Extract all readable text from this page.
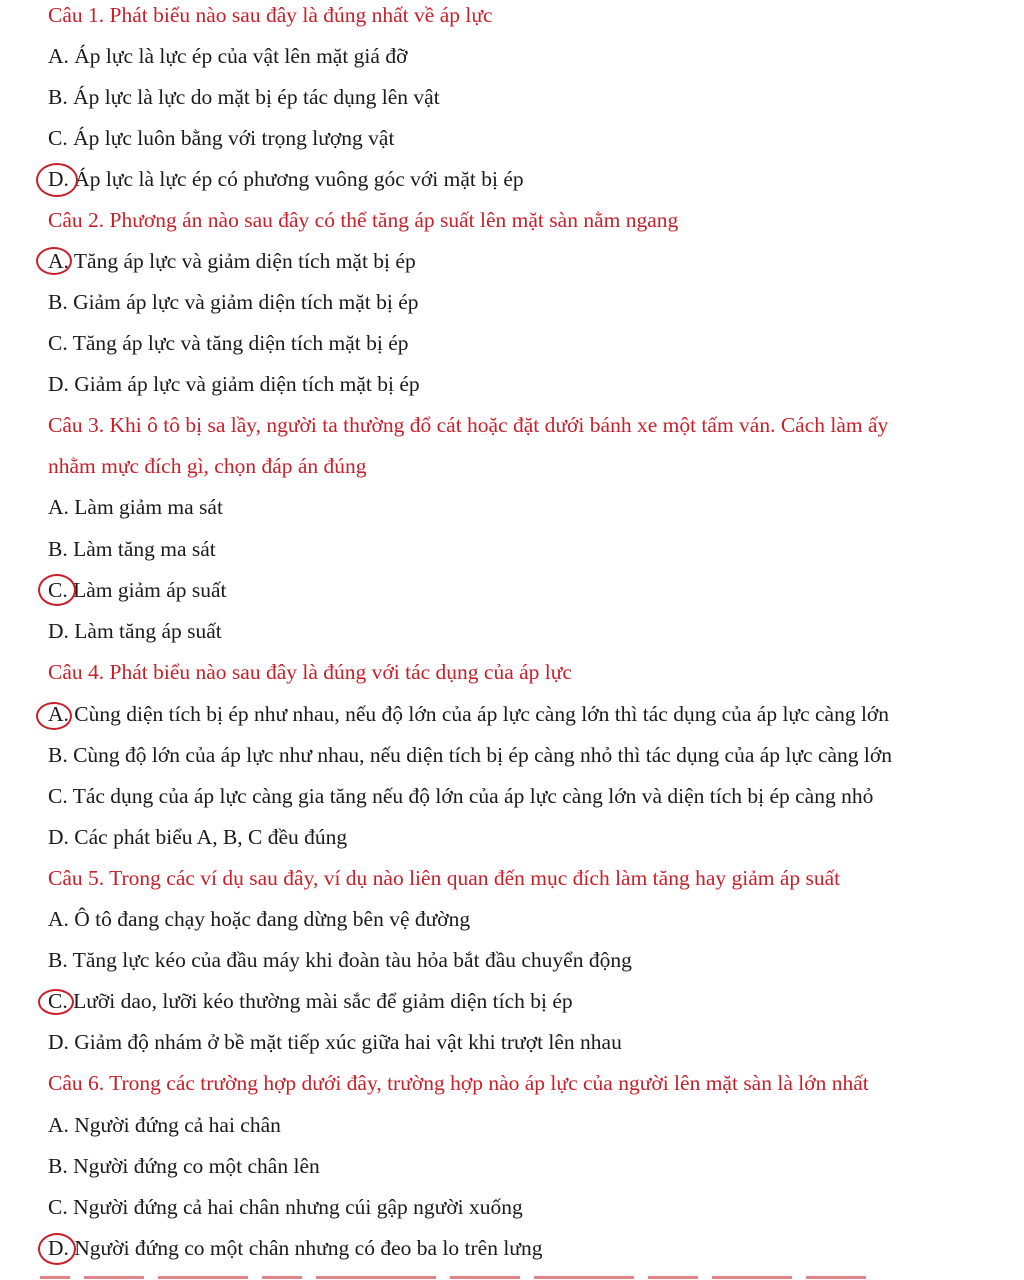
Câu 1. Phát biểu nào sau đây là đúng nhất về áp lực
A. Áp lực là lực ép của vật lên mặt giá đỡ
B. Áp lực là lực do mặt bị ép tác dụng lên vật
C. Áp lực luôn bằng với trọng lượng vật
D. Áp lực là lực ép có phương vuông góc với mặt bị ép
Câu 2. Phương án nào sau đây có thể tăng áp suất lên mặt sàn nằm ngang
A. Tăng áp lực và giảm diện tích mặt bị ép
B. Giảm áp lực và giảm diện tích mặt bị ép
C. Tăng áp lực và tăng diện tích mặt bị ép
D. Giảm áp lực và giảm diện tích mặt bị ép
Câu 3. Khi ô tô bị sa lầy, người ta thường đổ cát hoặc đặt dưới bánh xe một tấm ván. Cách làm ấy
nhằm mực đích gì, chọn đáp án đúng
A. Làm giảm ma sát
B. Làm tăng ma sát
C. Làm giảm áp suất
D. Làm tăng áp suất
Câu 4. Phát biểu nào sau đây là đúng với tác dụng của áp lực
A. Cùng diện tích bị ép như nhau, nếu độ lớn của áp lực càng lớn thì tác dụng của áp lực càng lớn
B. Cùng độ lớn của áp lực như nhau, nếu diện tích bị ép càng nhỏ thì tác dụng của áp lực càng lớn
C. Tác dụng của áp lực càng gia tăng nếu độ lớn của áp lực càng lớn và diện tích bị ép càng nhỏ
D. Các phát biểu A, B, C đều đúng
Câu 5. Trong các ví dụ sau đây, ví dụ nào liên quan đến mục đích làm tăng hay giảm áp suất
A. Ô tô đang chạy hoặc đang dừng bên vệ đường
B. Tăng lực kéo của đầu máy khi đoàn tàu hỏa bắt đầu chuyển động
C. Lưỡi dao, lưỡi kéo thường mài sắc để giảm diện tích bị ép
D. Giảm độ nhám ở bề mặt tiếp xúc giữa hai vật khi trượt lên nhau
Câu 6. Trong các trường hợp dưới đây, trường hợp nào áp lực của người lên mặt sàn là lớn nhất
A. Người đứng cả hai chân
B. Người đứng co một chân lên
C. Người đứng cả hai chân nhưng cúi gập người xuống
D. Người đứng co một chân nhưng có đeo ba lo trên lưng
